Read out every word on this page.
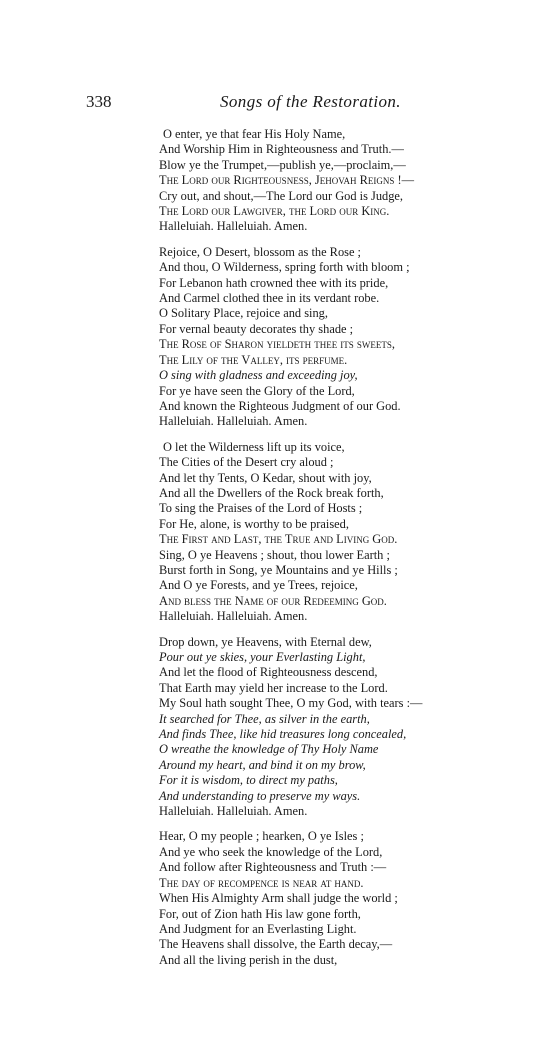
338	Songs of the Restoration.
O enter, ye that fear His Holy Name,
And Worship Him in Righteousness and Truth.—
Blow ye the Trumpet,—publish ye,—proclaim,—
The Lord our Righteousness, Jehovah Reigns !—
Cry out, and shout,—The Lord our God is Judge,
The Lord our Lawgiver, the Lord our King.
Halleluiah. Halleluiah. Amen.
Rejoice, O Desert, blossom as the Rose ;
And thou, O Wilderness, spring forth with bloom ;
For Lebanon hath crowned thee with its pride,
And Carmel clothed thee in its verdant robe.
O Solitary Place, rejoice and sing,
For vernal beauty decorates thy shade ;
The Rose of Sharon yieldeth thee its sweets,
The Lily of the Valley, its perfume.
O sing with gladness and exceeding joy,
For ye have seen the Glory of the Lord,
And known the Righteous Judgment of our God.
Halleluiah. Halleluiah. Amen.
O let the Wilderness lift up its voice,
The Cities of the Desert cry aloud ;
And let thy Tents, O Kedar, shout with joy,
And all the Dwellers of the Rock break forth,
To sing the Praises of the Lord of Hosts ;
For He, alone, is worthy to be praised,
The First and Last, the True and Living God.
Sing, O ye Heavens ; shout, thou lower Earth ;
Burst forth in Song, ye Mountains and ye Hills ;
And O ye Forests, and ye Trees, rejoice,
And bless the Name of our Redeeming God.
Halleluiah. Halleluiah. Amen.
Drop down, ye Heavens, with Eternal dew,
Pour out ye skies, your Everlasting Light,
And let the flood of Righteousness descend,
That Earth may yield her increase to the Lord.
My Soul hath sought Thee, O my God, with tears :—
It searched for Thee, as silver in the earth,
And finds Thee, like hid treasures long concealed,
O wreathe the knowledge of Thy Holy Name
Around my heart, and bind it on my brow,
For it is wisdom, to direct my paths,
And understanding to preserve my ways.
Halleluiah. Halleluiah. Amen.
Hear, O my people ; hearken, O ye Isles ;
And ye who seek the knowledge of the Lord,
And follow after Righteousness and Truth :—
The day of recompence is near at hand.
When His Almighty Arm shall judge the world ;
For, out of Zion hath His law gone forth,
And Judgment for an Everlasting Light.
The Heavens shall dissolve, the Earth decay,—
And all the living perish in the dust,
